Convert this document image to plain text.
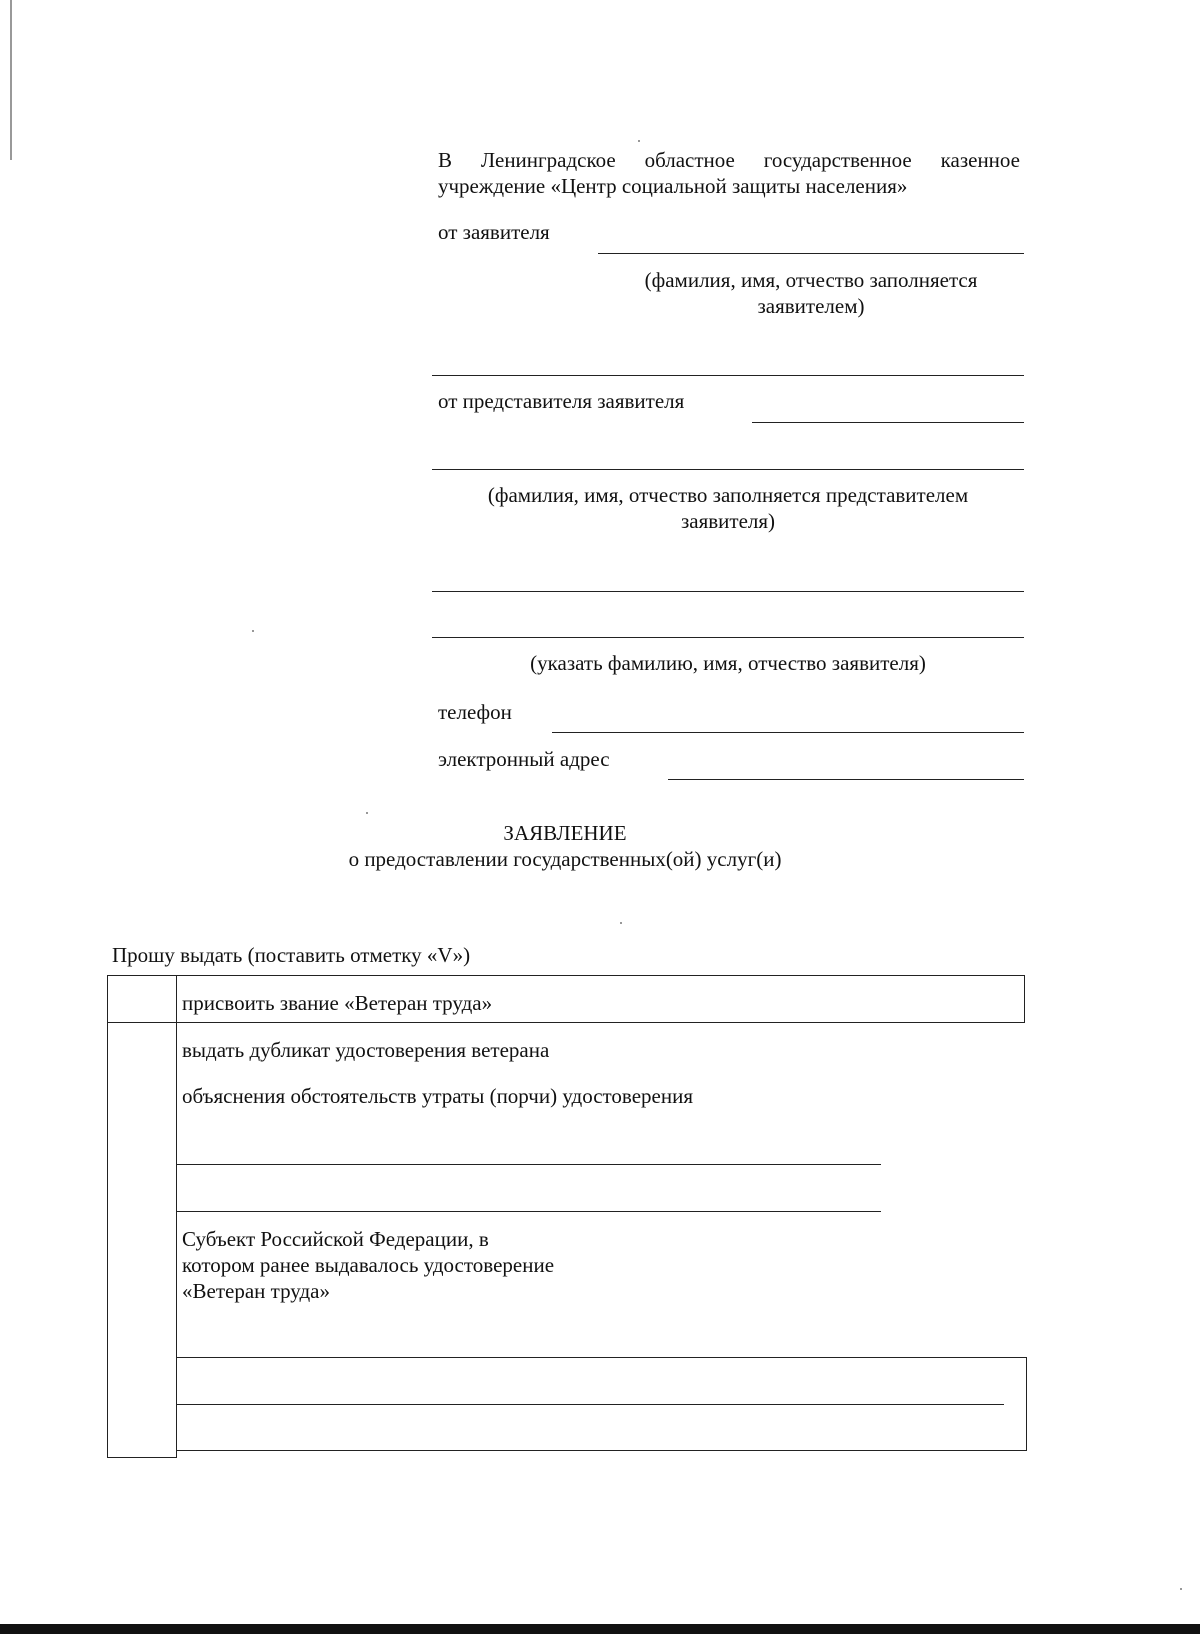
В Ленинградское областное государственное казенное
учреждение «Центр социальной защиты населения»
от заявителя
(фамилия, имя, отчество заполняется
заявителем)
от представителя заявителя
(фамилия, имя, отчество заполняется представителем
заявителя)
(указать фамилию, имя, отчество заявителя)
телефон
электронный адрес
ЗАЯВЛЕНИЕ
о предоставлении государственных(ой) услуг(и)
Прошу выдать (поставить отметку «V»)
присвоить звание «Ветеран труда»
выдать дубликат удостоверения ветерана
объяснения обстоятельств утраты (порчи) удостоверения
Субъект Российской Федерации, в
котором ранее выдавалось удостоверение
«Ветеран труда»
